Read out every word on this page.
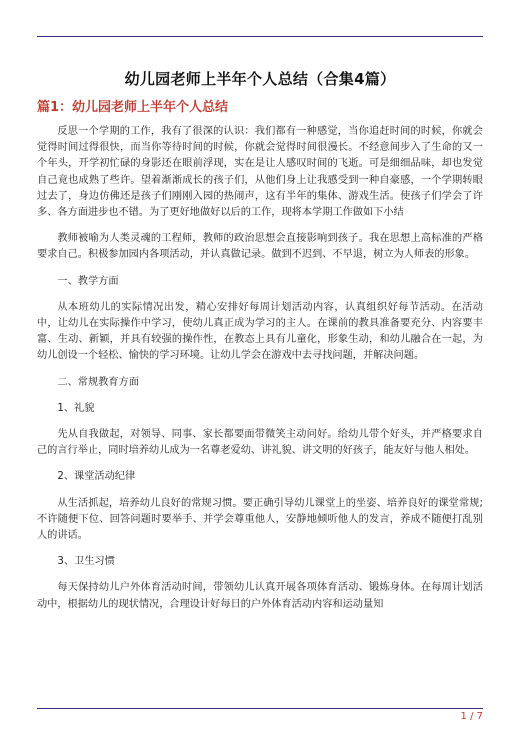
幼儿园老师上半年个人总结（合集4篇）
篇1：幼儿园老师上半年个人总结

反思一个学期的工作，我有了很深的认识：我们都有一种感觉，当你追赶时间的时候，你就会觉得时间过得很快，而当你等待时间的时候，你就会觉得时间很漫长。不经意间步入了生命的又一个年头，开学初忙碌的身影还在眼前浮现，实在是让人感叹时间的飞逝。可是细细品味，却也发觉自己竟也成熟了些许。望着渐渐成长的孩子们，从他们身上让我感受到一种自豪感，一个学期转眼过去了，身边仿佛还是孩子们刚刚入园的热闹声，这有半年的集体、游戏生活。使孩子们学会了许多、各方面进步也不错。为了更好地做好以后的工作，现将本学期工作做如下小结

教师被喻为人类灵魂的工程师，教师的政治思想会直接影响到孩子。我在思想上高标准的严格要求自己。积极参加园内各项活动，并认真做记录。做到不迟到、不早退，树立为人师表的形象。

一、教学方面

从本班幼儿的实际情况出发，精心安排好每周计划活动内容，认真组织好每节活动。在活动中，让幼儿在实际操作中学习，使幼儿真正成为学习的主人。在课前的教具准备要充分、内容要丰富、生动、新颖，并具有较强的操作性，在教态上具有儿童化，形象生动，和幼儿融合在一起，为幼儿创设一个轻松、愉快的学习环境。让幼儿学会在游戏中去寻找问题，并解决问题。

二、常规教育方面

1、礼貌

先从自我做起，对领导、同事、家长都要面带微笑主动问好。给幼儿带个好头，并严格要求自己的言行举止，同时培养幼儿成为一名尊老爱幼、讲礼貌、讲文明的好孩子，能友好与他人相处。

2、课堂活动纪律

从生活抓起，培养幼儿良好的常规习惯。要正确引导幼儿课堂上的坐姿、培养良好的课堂常规;不许随便下位、回答问题时要举手、并学会尊重他人，安静地倾听他人的发言，养成不随便打乱别人的讲话。

3、卫生习惯

每天保持幼儿户外体育活动时间，带领幼儿认真开展各项体育活动、锻炼身体。在每周计划活动中，根据幼儿的现状情况，合理设计好每日的户外体育活动内容和运动量知

1 / 7
